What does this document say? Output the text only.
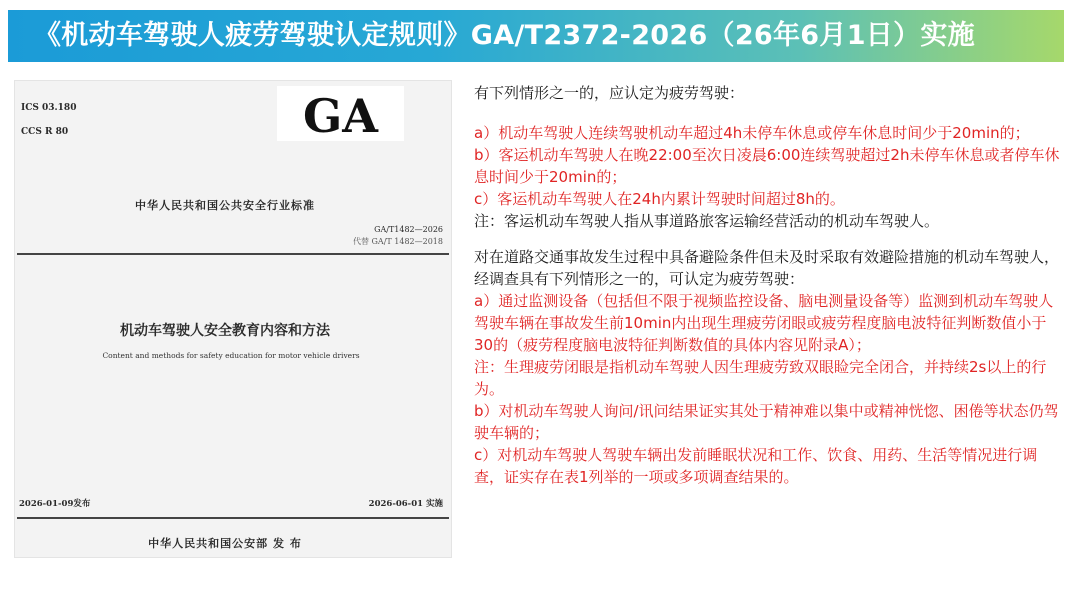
《机动车驾驶人疲劳驾驶认定规则》GA/T2372-2026（26年6月1日）实施
ICS 03.180
CCS R 80	GA
中华人民共和国公共安全行业标准
GA/T1482—2026
代替 GA/T 1482—2018
机动车驾驶人安全教育内容和方法
Content and methods for safety education for motor vehicle drivers
2026-01-09发布	2026-06-01 实施
中华人民共和国公安部 发 布

有下列情形之一的，应认定为疲劳驾驶：

a）机动车驾驶人连续驾驶机动车超过4h未停车休息或停车休息时间少于20min的；

b）客运机动车驾驶人在晚22:00至次日凌晨6:00连续驾驶超过2h未停车休息或者停车休息时间少于20min的；

c）客运机动车驾驶人在24h内累计驾驶时间超过8h的。

注：客运机动车驾驶人指从事道路旅客运输经营活动的机动车驾驶人。

对在道路交通事故发生过程中具备避险条件但未及时采取有效避险措施的机动车驾驶人，经调查具有下列情形之一的，可认定为疲劳驾驶：

a）通过监测设备（包括但不限于视频监控设备、脑电测量设备等）监测到机动车驾驶人驾驶车辆在事故发生前10min内出现生理疲劳闭眼或疲劳程度脑电波特征判断数值小于30的（疲劳程度脑电波特征判断数值的具体内容见附录A）；

注：生理疲劳闭眼是指机动车驾驶人因生理疲劳致双眼睑完全闭合，并持续2s以上的行为。

b）对机动车驾驶人询问/讯问结果证实其处于精神难以集中或精神恍惚、困倦等状态仍驾驶车辆的；

c）对机动车驾驶人驾驶车辆出发前睡眠状况和工作、饮食、用药、生活等情况进行调查，证实存在表1列举的一项或多项调查结果的。
